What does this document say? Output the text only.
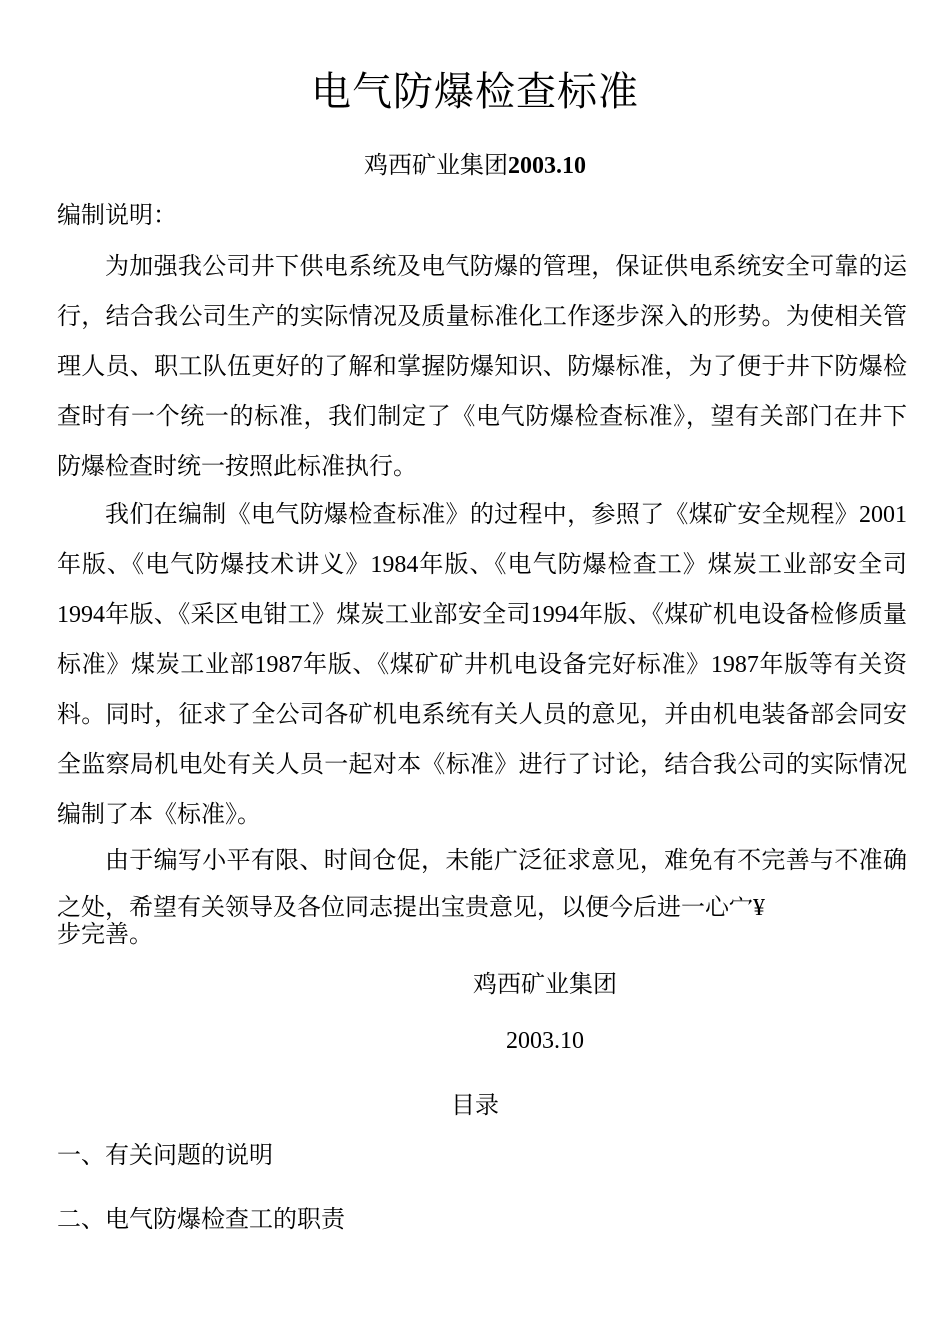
电气防爆检查标准
鸡西矿业集团2003.10
编制说明：

为加强我公司井下供电系统及电气防爆的管理，保证供电系统安全可靠的运行，结合我公司生产的实际情况及质量标准化工作逐步深入的形势。为使相关管理人员、职工队伍更好的了解和掌握防爆知识、防爆标准，为了便于井下防爆检查时有一个统一的标准，我们制定了《电气防爆检查标准》，望有关部门在井下防爆检查时统一按照此标准执行。

我们在编制《电气防爆检查标准》的过程中，参照了《煤矿安全规程》2001年版、《电气防爆技术讲义》1984年版、《电气防爆检查工》煤炭工业部安全司1994年版、《采区电钳工》煤炭工业部安全司1994年版、《煤矿机电设备检修质量标准》煤炭工业部1987年版、《煤矿矿井机电设备完好标准》1987年版等有关资料。同时，征求了全公司各矿机电系统有关人员的意见，并由机电装备部会同安全监察局机电处有关人员一起对本《标准》进行了讨论，结合我公司的实际情况编制了本《标准》。

由于编写小平有限、时间仓促，未能广泛征求意见，难免有不完善与不准确之处，希望有关领导及各位同志提出宝贵意见，以便今后进一心宀¥
步完善。

鸡西矿业集团
2003.10
目录
一、有关问题的说明
二、电气防爆检查工的职责
